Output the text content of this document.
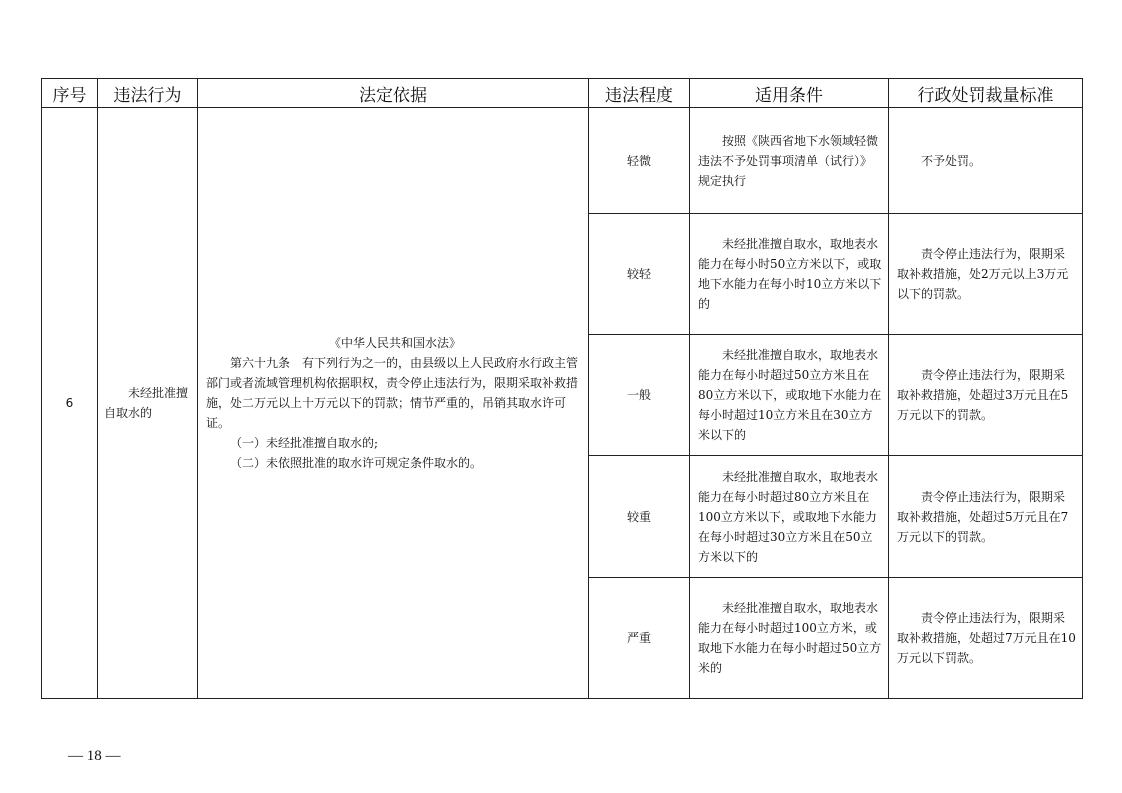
序号	违法行为	法定依据	违法程度	适用条件	行政处罚裁量标准
6	未经批准擅自取水的	《中华人民共和国水法》
第六十九条　有下列行为之一的，由县级以上人民政府水行政主管部门或者流域管理机构依据职权，责令停止违法行为，限期采取补救措施，处二万元以上十万元以下的罚款；情节严重的，吊销其取水许可证。
（一）未经批准擅自取水的;
（二）未依照批准的取水许可规定条件取水的。	轻微	按照《陕西省地下水领域轻微违法不予处罚事项清单（试行）》规定执行	不予处罚。

			较轻	未经批准擅自取水，取地表水能力在每小时50立方米以下，或取地下水能力在每小时10立方米以下的	责令停止违法行为，限期采取补救措施，处2万元以上3万元以下的罚款。

			一般	未经批准擅自取水，取地表水能力在每小时超过50立方米且在80立方米以下，或取地下水能力在每小时超过10立方米且在30立方米以下的	责令停止违法行为，限期采取补救措施，处超过3万元且在5万元以下的罚款。

			较重	未经批准擅自取水，取地表水能力在每小时超过80立方米且在100立方米以下，或取地下水能力在每小时超过30立方米且在50立方米以下的	责令停止违法行为，限期采取补救措施，处超过5万元且在7万元以下的罚款。

			严重	未经批准擅自取水，取地表水能力在每小时超过100立方米，或取地下水能力在每小时超过50立方米的	责令停止违法行为，限期采取补救措施，处超过7万元且在10万元以下罚款。
— 18 —
